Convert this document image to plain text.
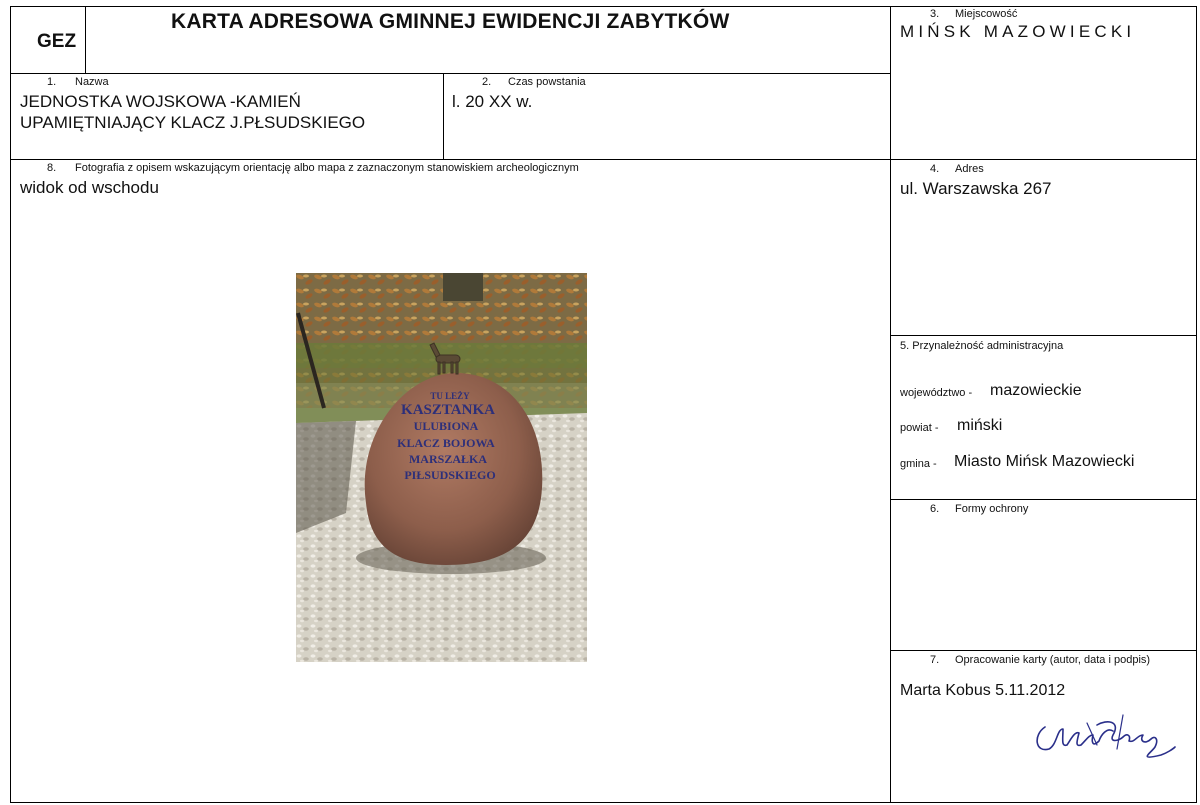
GEZ
KARTA ADRESOWA GMINNEJ EWIDENCJI ZABYTKÓW	3. Miejscowość
MIŃSK MAZOWIECKI
1. Nazwa
JEDNOSTKA WOJSKOWA -KAMIEŃ
UPAMIĘTNIAJĄCY KLACZ J.PŁSUDSKIEGO
2. Czas powstania
l. 20 XX w.
8. Fotografia z opisem wskazującym orientację albo mapa z zaznaczonym stanowiskiem archeologicznym
widok od wschodu
TU LEŻY
KASZTANKA
ULUBIONA
KLACZ BOJOWA
MARSZAŁKA
PIŁSUDSKIEGO
4. Adres
ul. Warszawska 267
5. Przynależność administracyjna
województwo - mazowieckie
powiat - miński
gmina - Miasto Mińsk Mazowiecki
6. Formy ochrony
7. Opracowanie karty (autor, data i podpis)
Marta Kobus 5.11.2012
